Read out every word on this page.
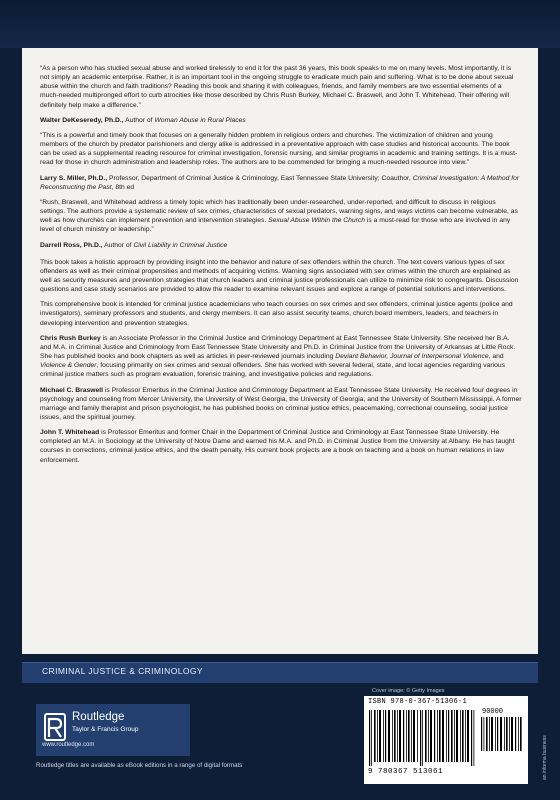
“As a person who has studied sexual abuse and worked tirelessly to end it for the past 36 years, this book speaks to me on many levels. Most importantly, it is not simply an academic enterprise. Rather, it is an important tool in the ongoing struggle to eradicate much pain and suffering. What is to be done about sexual abuse within the church and faith traditions? Reading this book and sharing it with colleagues, friends, and family members are two essential elements of a much-needed multipronged effort to curb atrocities like those described by Chris Rush Burkey, Michael C. Braswell, and John T. Whitehead. Their offering will definitely help make a difference.”

Walter DeKeseredy, Ph.D., Author of Woman Abuse in Rural Places

“This is a powerful and timely book that focuses on a generally hidden problem in religious orders and churches. The victimization of children and young members of the church by predator parishioners and clergy alike is addressed in a preventative approach with case studies and historical accounts. The book can be used as a supplemental reading resource for criminal investigation, forensic nursing, and similar programs in academic and training settings. It is a must-read for those in church administration and leadership roles. The authors are to be commended for bringing a much-needed resource into view.”

Larry S. Miller, Ph.D., Professor, Department of Criminal Justice & Criminology, East Tennessee State University; Coauthor, Criminal Investigation: A Method for Reconstructing the Past, 8th ed

“Rush, Braswell, and Whitehead address a timely topic which has traditionally been under-researched, under-reported, and difficult to discuss in religious settings. The authors provide a systematic review of sex crimes, characteristics of sexual predators, warning signs, and ways victims can become vulnerable, as well as how churches can implement prevention and intervention strategies. Sexual Abuse Within the Church is a must-read for those who are involved in any level of church ministry or leadership.”

Darrell Ross, Ph.D., Author of Civil Liability in Criminal Justice

This book takes a holistic approach by providing insight into the behavior and nature of sex offenders within the church. The text covers various types of sex offenders as well as their criminal propensities and methods of acquiring victims. Warning signs associated with sex crimes within the church are explained as well as security measures and prevention strategies that church leaders and criminal justice professionals can utilize to minimize risk to congregants. Discussion questions and case study scenarios are provided to allow the reader to examine relevant issues and explore a range of potential solutions and interventions.

This comprehensive book is intended for criminal justice academicians who teach courses on sex crimes and sex offenders, criminal justice agents (police and investigators), seminary professors and students, and clergy members. It can also assist security teams, church board members, leaders, and teachers in developing intervention and prevention strategies.

Chris Rush Burkey is an Associate Professor in the Criminal Justice and Criminology Department at East Tennessee State University. She received her B.A. and M.A. in Criminal Justice and Criminology from East Tennessee State University and Ph.D. in Criminal Justice from the University of Arkansas at Little Rock. She has published books and book chapters as well as articles in peer-reviewed journals including Deviant Behavior, Journal of Interpersonal Violence, and Violence & Gender, focusing primarily on sex crimes and sexual offenders. She has worked with several federal, state, and local agencies regarding various criminal justice matters such as program evaluation, forensic training, and investigative policies and regulations.

Michael C. Braswell is Professor Emeritus in the Criminal Justice and Criminology Department at East Tennessee State University. He received four degrees in psychology and counseling from Mercer University, the University of West Georgia, the University of Georgia, and the University of Southern Mississippi. A former marriage and family therapist and prison psychologist, he has published books on criminal justice ethics, peacemaking, correctional counseling, social justice issues, and the spiritual journey.

John T. Whitehead is Professor Emeritus and former Chair in the Department of Criminal Justice and Criminology at East Tennessee State University. He completed an M.A. in Sociology at the University of Notre Dame and earned his M.A. and Ph.D. in Criminal Justice from the University at Albany. He has taught courses in corrections, criminal justice ethics, and the death penalty. His current book projects are a book on teaching and a book on human relations in law enforcement.

CRIMINAL JUSTICE & CRIMINOLOGY
Cover image: © Getty Images
Routledge
Taylor & Francis Group
www.routledge.com
Routledge titles are available as eBook editions in a range of digital formats
ISBN 978-0-367-51306-1
90000
9 780367 513061	an informa business
